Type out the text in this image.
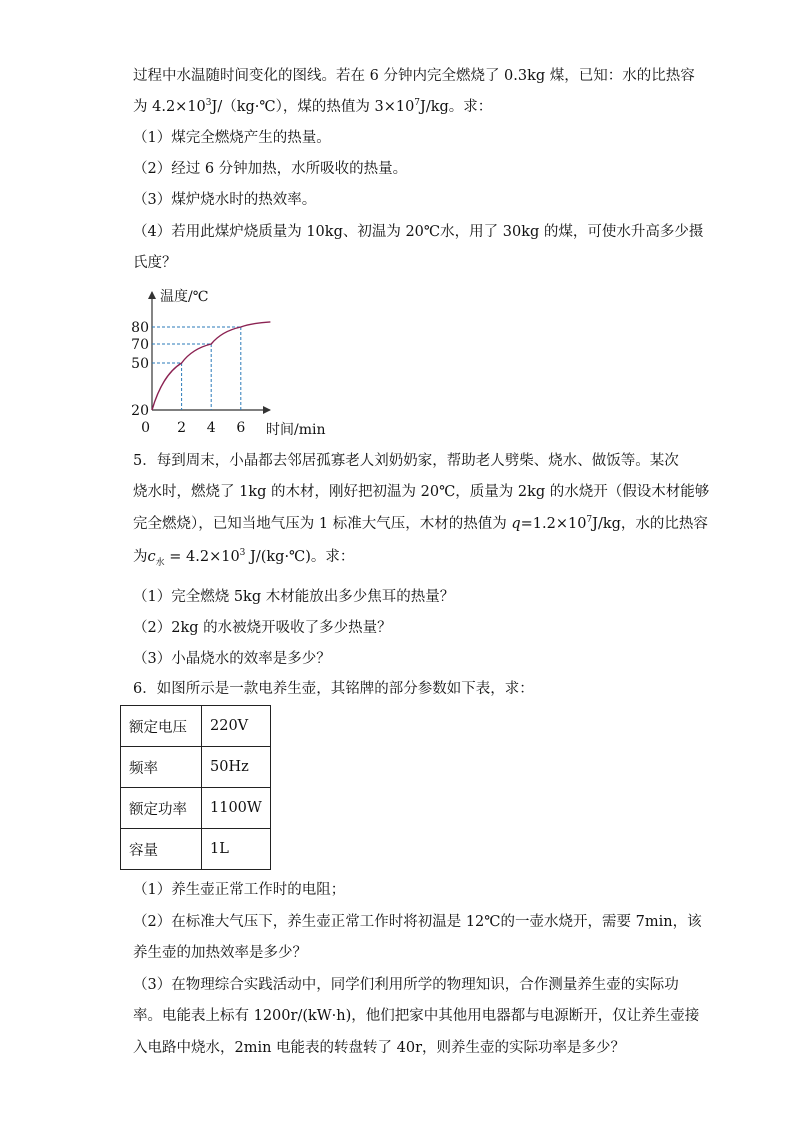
过程中水温随时间变化的图线。若在 6 分钟内完全燃烧了 0.3kg 煤，已知：水的比热容
为 $4.2\times 10^3J/(kg\cdot℃)$，煤的热值为 $3\times 10^7J/kg$。求：
（1）煤完全燃烧产生的热量。
（2）经过 6 分钟加热，水所吸收的热量。
（3）煤炉烧水时的热效率。
（4）若用此煤炉烧质量为 10kg、初温为 20℃水，用了 30kg 的煤，可使水升高多少摄
氏度？
温度/℃
时间/min
20
50
70
80
0 2 4 6
5．每到周末，小晶都去邻居孤寡老人刘奶奶家，帮助老人劈柴、烧水、做饭等。某次
烧水时，燃烧了 1kg 的木材，刚好把初温为 20℃，质量为 2kg 的水烧开（假设木材能够
完全燃烧），已知当地气压为 1 标准大气压，木材的热值为 $q=1.2\times 10^7J/kg$，水的比热容
为$c_水 = 4.2\times 10^3$ J/(kg·℃)。求：
（1）完全燃烧 5kg 木材能放出多少焦耳的热量？
（2）2kg 的水被烧开吸收了多少热量？
（3）小晶烧水的效率是多少？
6．如图所示是一款电养生壶，其铭牌的部分参数如下表，求：
额定电压	220V
频率	50Hz
额定功率	1100W
容量	1L
（1）养生壶正常工作时的电阻；
（2）在标准大气压下，养生壶正常工作时将初温是 12℃的一壶水烧开，需要 7min，该
养生壶的加热效率是多少？
（3）在物理综合实践活动中，同学们利用所学的物理知识，合作测量养生壶的实际功
率。电能表上标有 1200r/(kW·h)，他们把家中其他用电器都与电源断开，仅让养生壶接
入电路中烧水，2min 电能表的转盘转了 40r，则养生壶的实际功率是多少？
